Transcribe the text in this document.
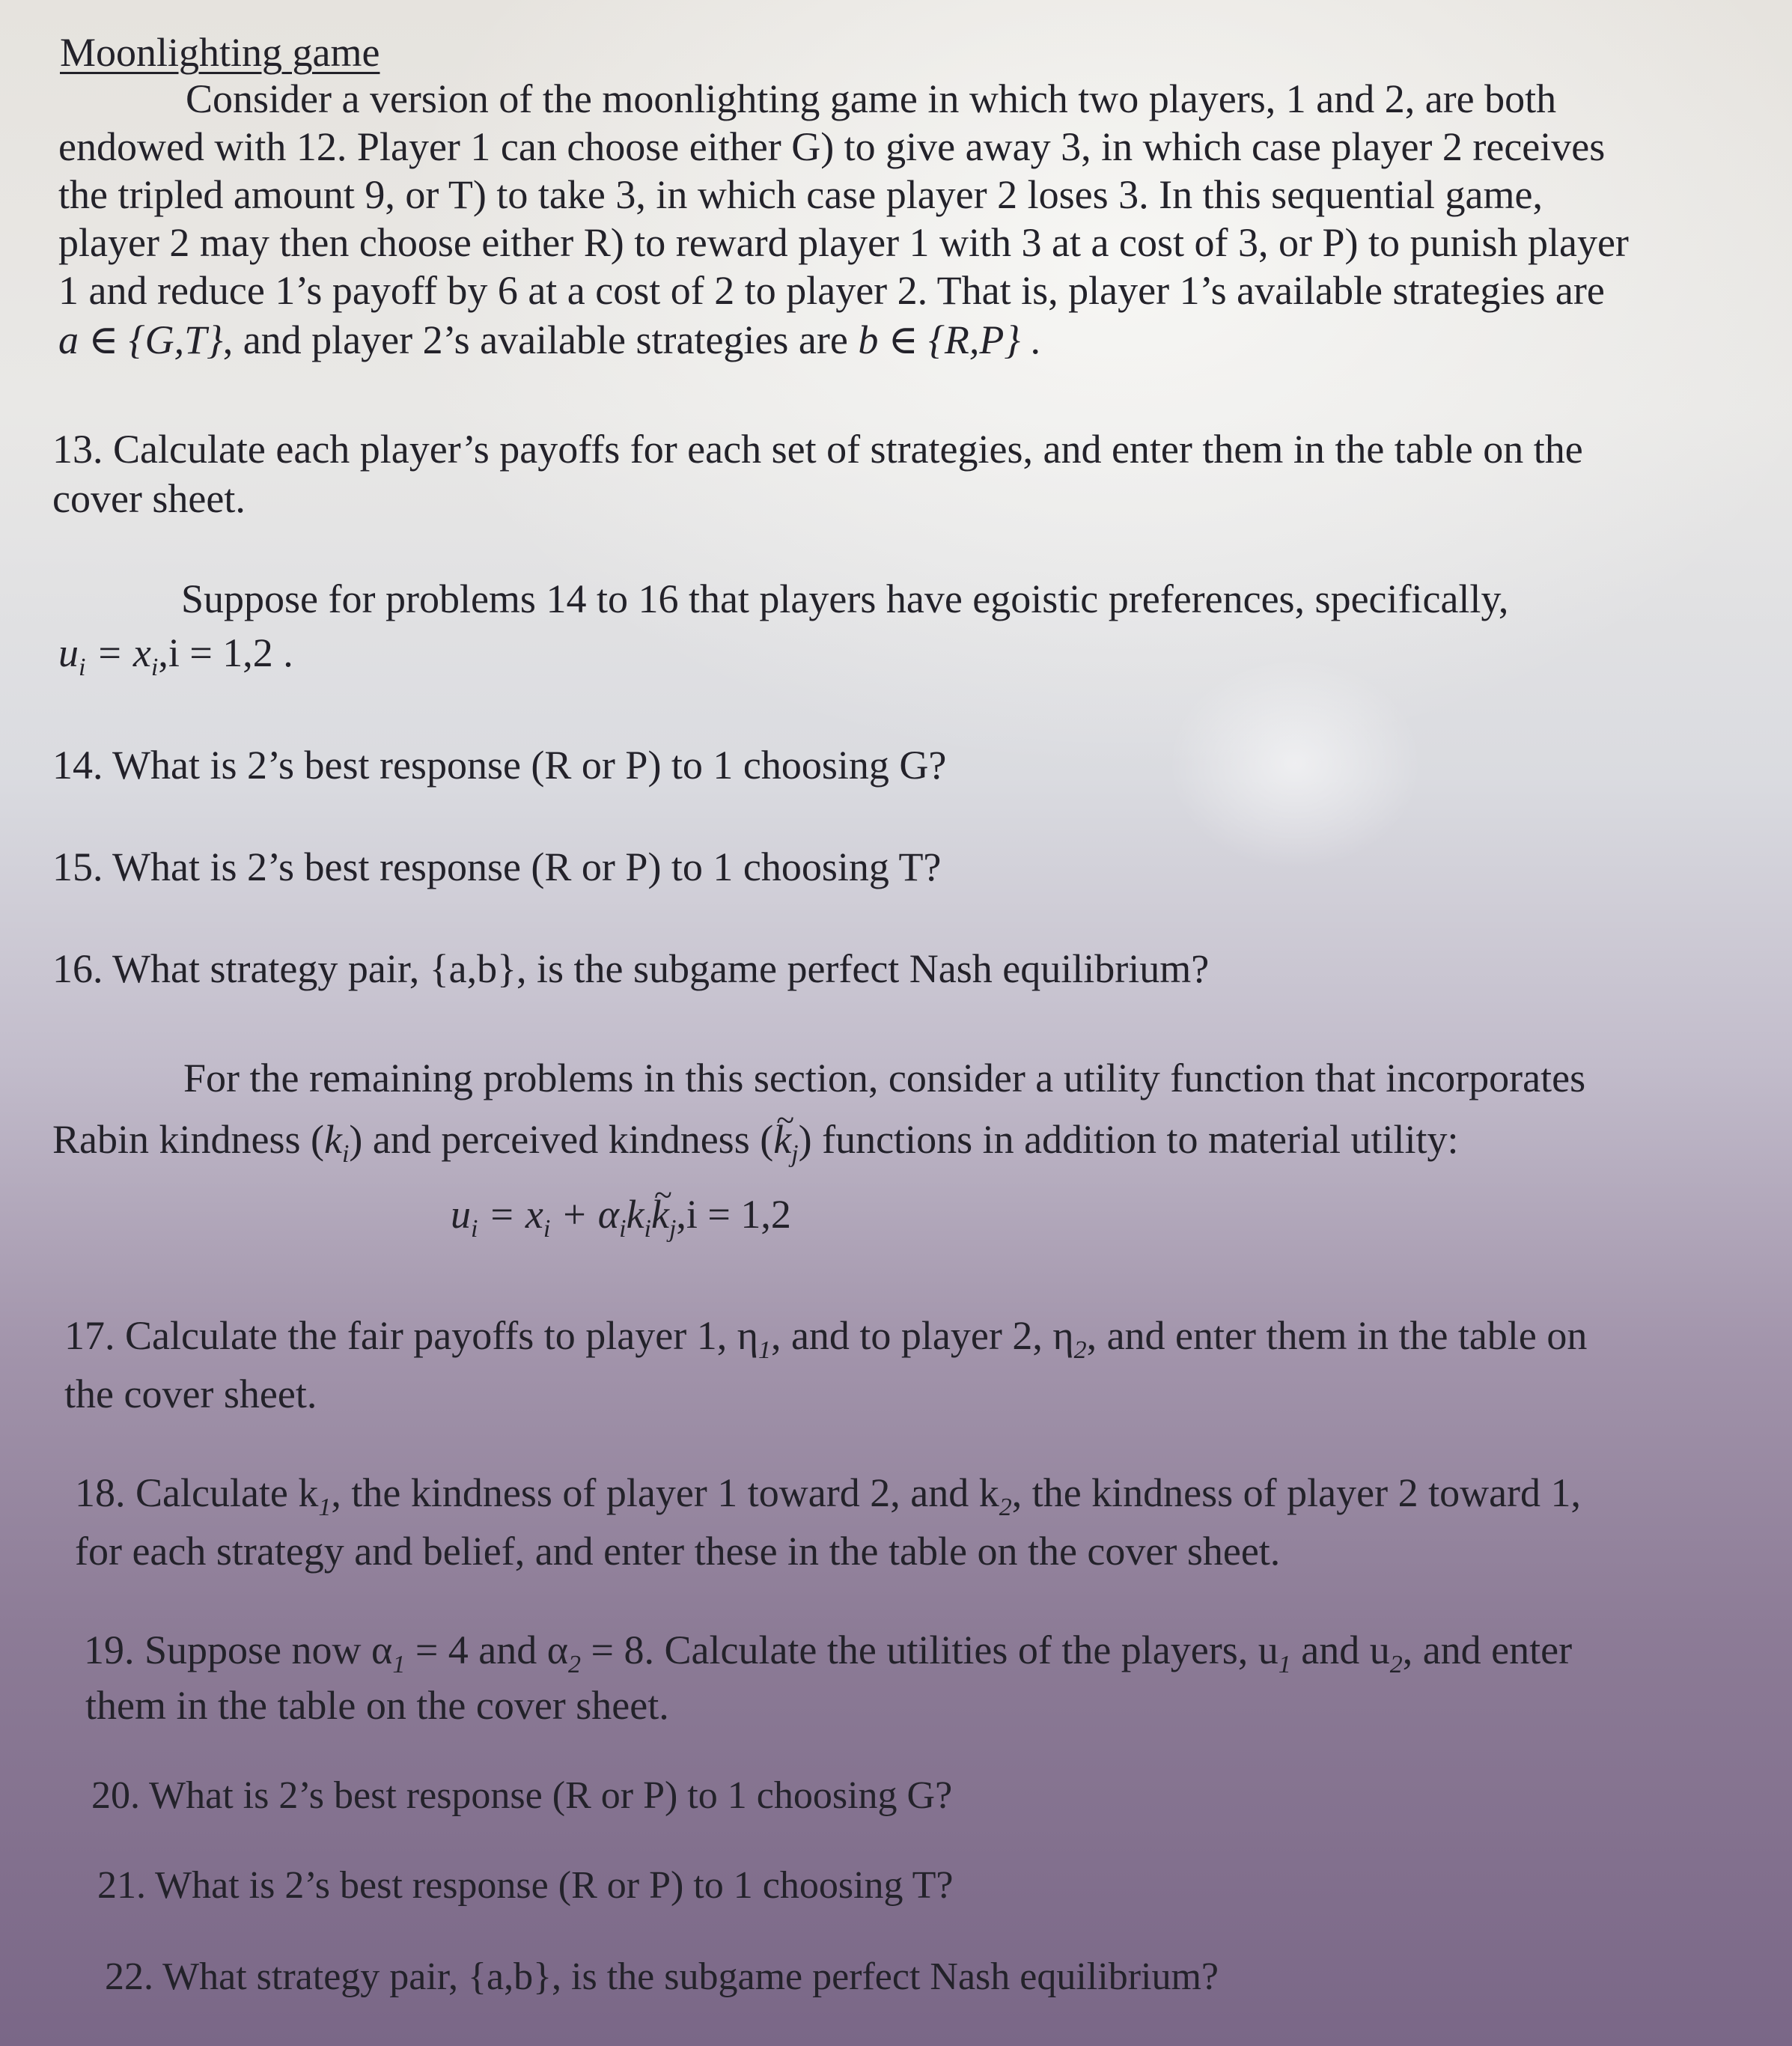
Moonlighting game

Consider a version of the moonlighting game in which two players, 1 and 2, are both

endowed with 12. Player 1 can choose either G) to give away 3, in which case player 2 receives

the tripled amount 9, or T) to take 3, in which case player 2 loses 3. In this sequential game,

player 2 may then choose either R) to reward player 1 with 3 at a cost of 3, or P) to punish player

1 and reduce 1’s payoff by 6 at a cost of 2 to player 2. That is, player 1’s available strategies are

a ∈ {G,T}, and player 2’s available strategies are b ∈ {R,P} .

13. Calculate each player’s payoffs for each set of strategies, and enter them in the table on the

cover sheet.

Suppose for problems 14 to 16 that players have egoistic preferences, specifically,

$u_i = x_i,i = 1,2$ .

14. What is 2’s best response (R or P) to 1 choosing G?

15. What is 2’s best response (R or P) to 1 choosing T?

16. What strategy pair, {a,b}, is the subgame perfect Nash equilibrium?

For the remaining problems in this section, consider a utility function that incorporates

Rabin kindness $(k_i)$ and perceived kindness (~ $k_j$) functions in addition to material utility:

$u_i = x_i$ + $\alpha_ik_i\sim$ $k_j,i = 1,2$

17. Calculate the fair payoffs to player 1, $\eta_1$, and to player 2, $\eta_2$, and enter them in the table on

the cover sheet.

18. Calculate $k_1$, the kindness of player 1 toward 2, and $k_2$, the kindness of player 2 toward 1,

for each strategy and belief, and enter these in the table on the cover sheet.

19. Suppose now $\alpha_1 = 4$ and $\alpha_2 = 8$. Calculate the utilities of the players, $u_1$ and $u_2$, and enter

them in the table on the cover sheet.

20. What is 2’s best response (R or P) to 1 choosing G?

21. What is 2’s best response (R or P) to 1 choosing T?

22. What strategy pair, {a,b}, is the subgame perfect Nash equilibrium?
